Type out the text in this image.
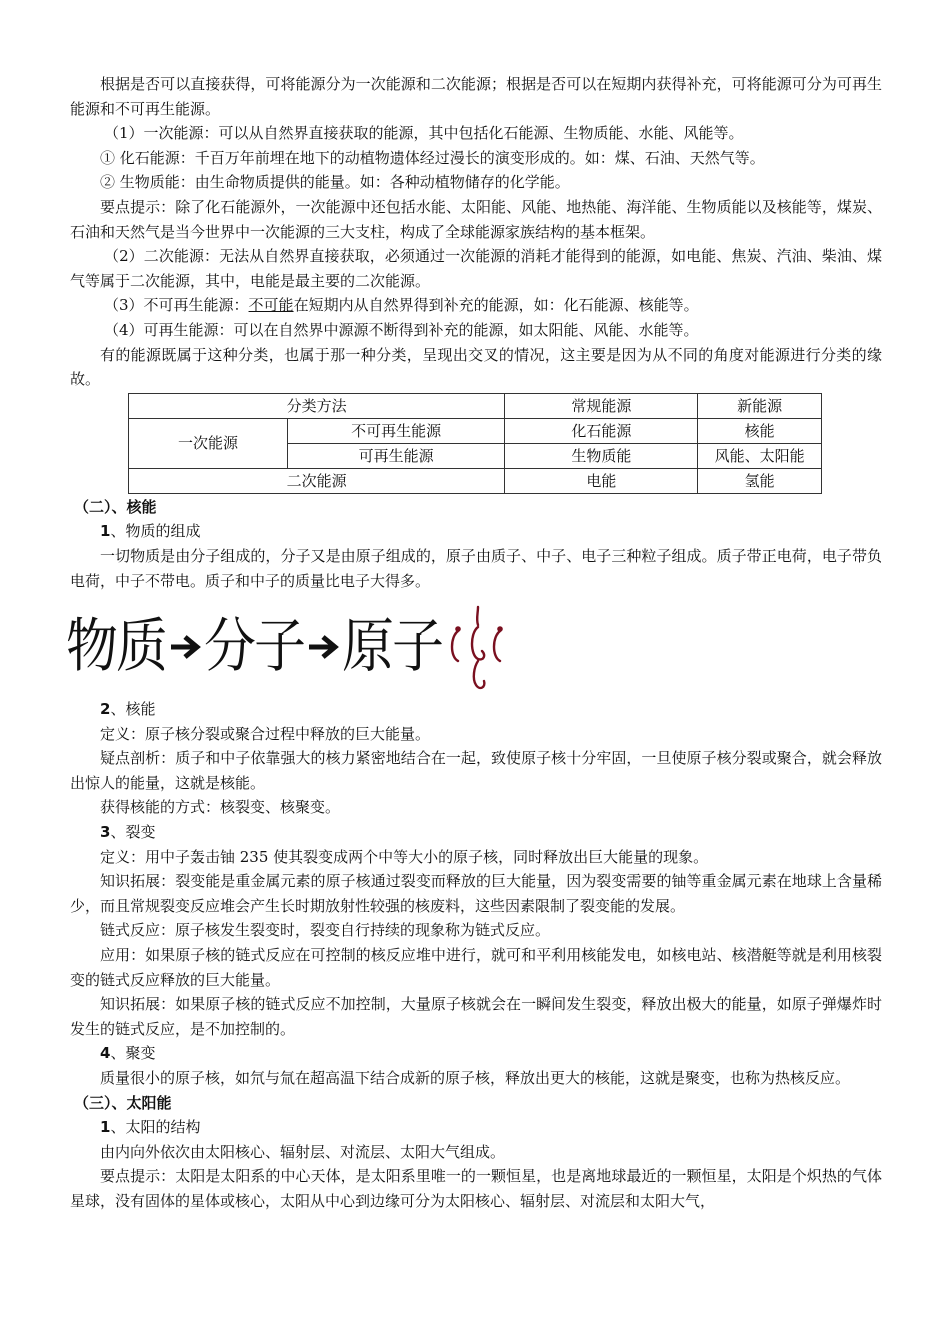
根据是否可以直接获得，可将能源分为一次能源和二次能源；根据是否可以在短期内获得补充，可将能源可分为可再生能源和不可再生能源。

（1）一次能源：可以从自然界直接获取的能源，其中包括化石能源、生物质能、水能、风能等。

① 化石能源：千百万年前埋在地下的动植物遗体经过漫长的演变形成的。如：煤、石油、天然气等。

② 生物质能：由生命物质提供的能量。如：各种动植物储存的化学能。

要点提示：除了化石能源外，一次能源中还包括水能、太阳能、风能、地热能、海洋能、生物质能以及核能等，煤炭、石油和天然气是当今世界中一次能源的三大支柱，构成了全球能源家族结构的基本框架。

（2）二次能源：无法从自然界直接获取，必须通过一次能源的消耗才能得到的能源，如电能、焦炭、汽油、柴油、煤气等属于二次能源，其中，电能是最主要的二次能源。

（3）不可再生能源：不可能在短期内从自然界得到补充的能源，如：化石能源、核能等。

（4）可再生能源：可以在自然界中源源不断得到补充的能源，如太阳能、风能、水能等。

有的能源既属于这种分类，也属于那一种分类，呈现出交叉的情况，这主要是因为从不同的角度对能源进行分类的缘故。

分类方法		常规能源	新能源
一次能源	不可再生能源	化石能源	核能
	可再生能源	生物质能	风能、太阳能
二次能源		电能	氢能

（二）、核能

1、物质的组成

一切物质是由分子组成的，分子又是由原子组成的，原子由质子、中子、电子三种粒子组成。质子带正电荷，电子带负电荷，中子不带电。质子和中子的质量比电子大得多。

物质 分子 原子

2、核能

定义：原子核分裂或聚合过程中释放的巨大能量。

疑点剖析：质子和中子依靠强大的核力紧密地结合在一起，致使原子核十分牢固，一旦使原子核分裂或聚合，就会释放出惊人的能量，这就是核能。

获得核能的方式：核裂变、核聚变。

3、裂变

定义：用中子轰击铀 235 使其裂变成两个中等大小的原子核，同时释放出巨大能量的现象。

知识拓展：裂变能是重金属元素的原子核通过裂变而释放的巨大能量，因为裂变需要的铀等重金属元素在地球上含量稀少，而且常规裂变反应堆会产生长时期放射性较强的核废料，这些因素限制了裂变能的发展。

链式反应：原子核发生裂变时，裂变自行持续的现象称为链式反应。

应用：如果原子核的链式反应在可控制的核反应堆中进行，就可和平利用核能发电，如核电站、核潜艇等就是利用核裂变的链式反应释放的巨大能量。

知识拓展：如果原子核的链式反应不加控制，大量原子核就会在一瞬间发生裂变，释放出极大的能量，如原子弹爆炸时发生的链式反应，是不加控制的。

4、聚变

质量很小的原子核，如氘与氚在超高温下结合成新的原子核，释放出更大的核能，这就是聚变，也称为热核反应。

（三）、太阳能

1、太阳的结构

由内向外依次由太阳核心、辐射层、对流层、太阳大气组成。

要点提示：太阳是太阳系的中心天体，是太阳系里唯一的一颗恒星，也是离地球最近的一颗恒星，太阳是个炽热的气体星球，没有固体的星体或核心，太阳从中心到边缘可分为太阳核心、辐射层、对流层和太阳大气，
